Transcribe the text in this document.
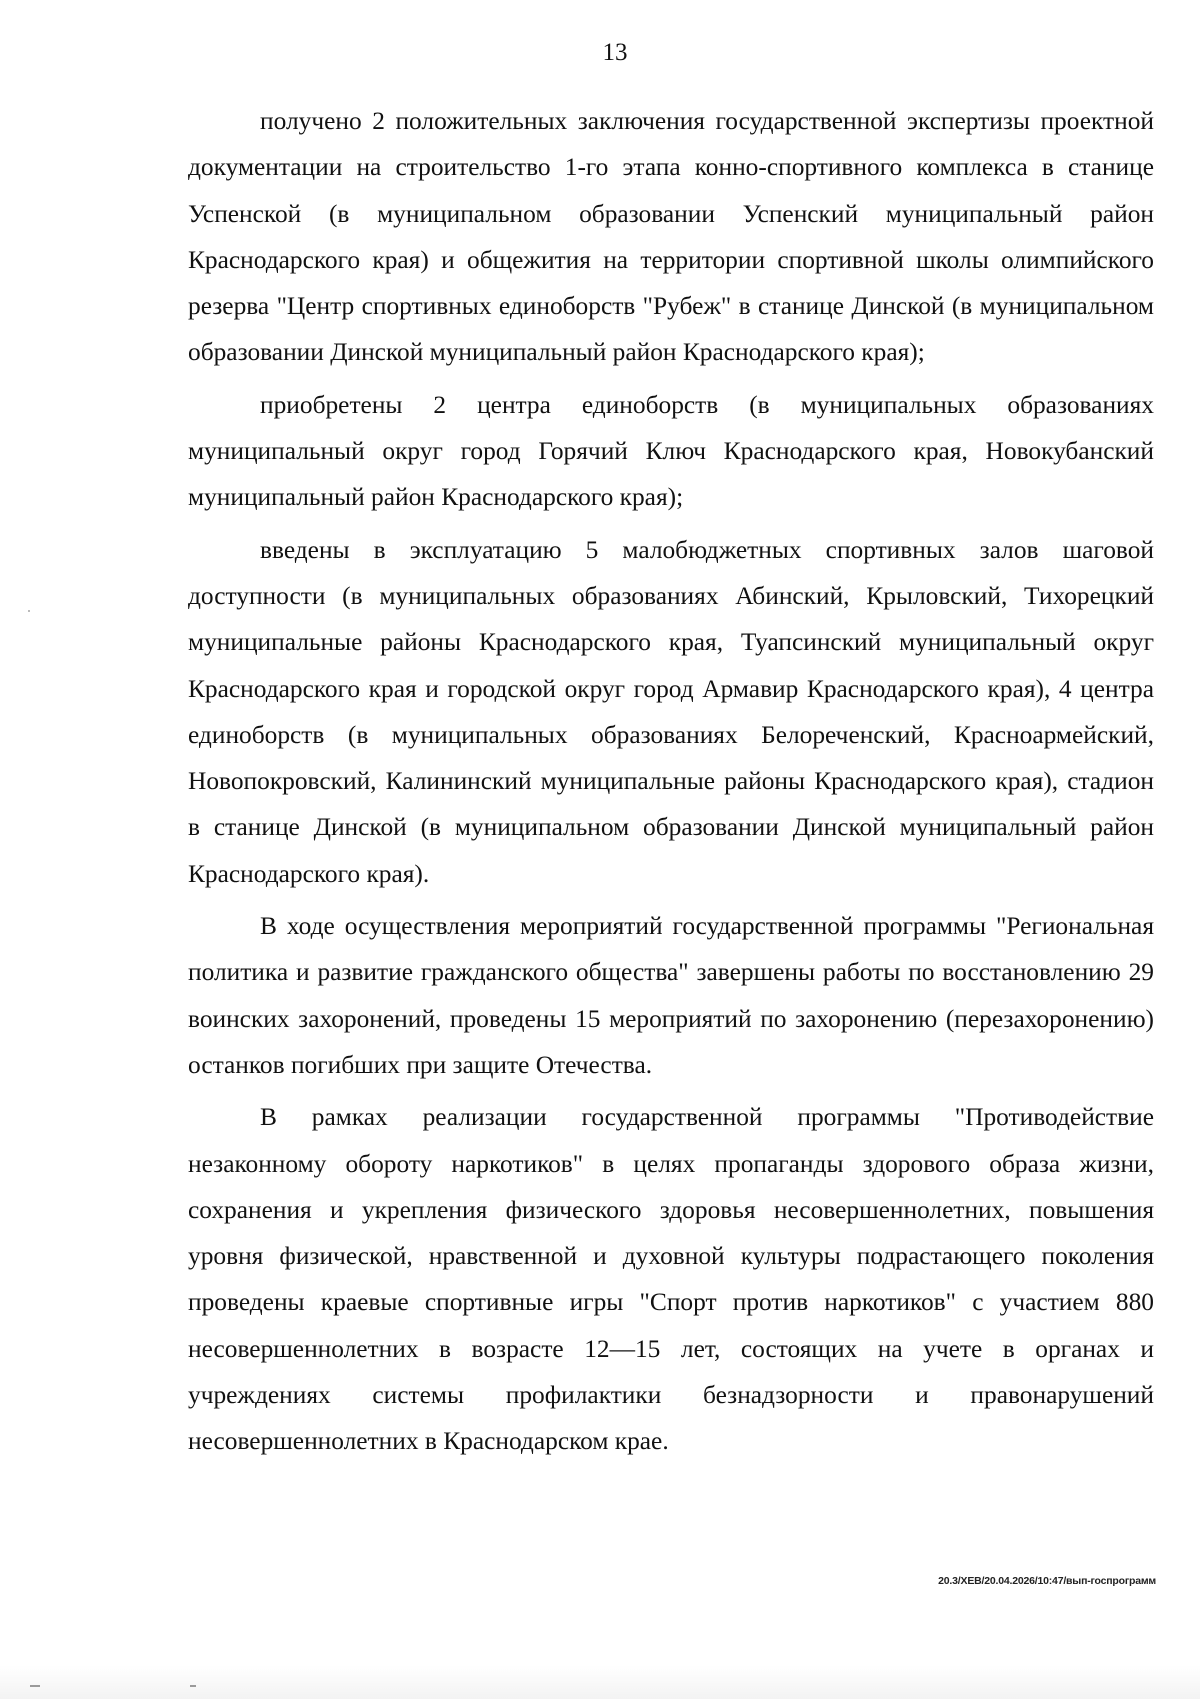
13

получено 2 положительных заключения государственной экспертизы проектной документации на строительство 1-го этапа конно-спортивного комплекса в станице Успенской (в муниципальном образовании Успенский муниципальный район Краснодарского края) и общежития на территории спортивной школы олимпийского резерва "Центр спортивных единоборств "Рубеж" в станице Динской (в муниципальном образовании Динской муниципальный район Краснодарского края);

приобретены 2 центра единоборств (в муниципальных образованиях муниципальный округ город Горячий Ключ Краснодарского края, Новокубанский муниципальный район Краснодарского края);

введены в эксплуатацию 5 малобюджетных спортивных залов шаговой доступности (в муниципальных образованиях Абинский, Крыловский, Тихорецкий муниципальные районы Краснодарского края, Туапсинский муниципальный округ Краснодарского края и городской округ город Армавир Краснодарского края), 4 центра единоборств (в муниципальных образованиях Белореченский, Красноармейский, Новопокровский, Калининский муниципальные районы Краснодарского края), стадион в станице Динской (в муниципальном образовании Динской муниципальный район Краснодарского края).

В ходе осуществления мероприятий государственной программы "Региональная политика и развитие гражданского общества" завершены работы по восстановлению 29 воинских захоронений, проведены 15 мероприятий по захоронению (перезахоронению) останков погибших при защите Отечества.

В рамках реализации государственной программы "Противодействие незаконному обороту наркотиков" в целях пропаганды здорового образа жизни, сохранения и укрепления физического здоровья несовершеннолетних, повышения уровня физической, нравственной и духовной культуры подрастающего поколения проведены краевые спортивные игры "Спорт против наркотиков" с участием 880 несовершеннолетних в возрасте 12—15 лет, состоящих на учете в органах и учреждениях системы профилактики безнадзорности и правонарушений несовершеннолетних в Краснодарском крае.

20.3/ХЕВ/20.04.2026/10:47/вып-госпрограмм
